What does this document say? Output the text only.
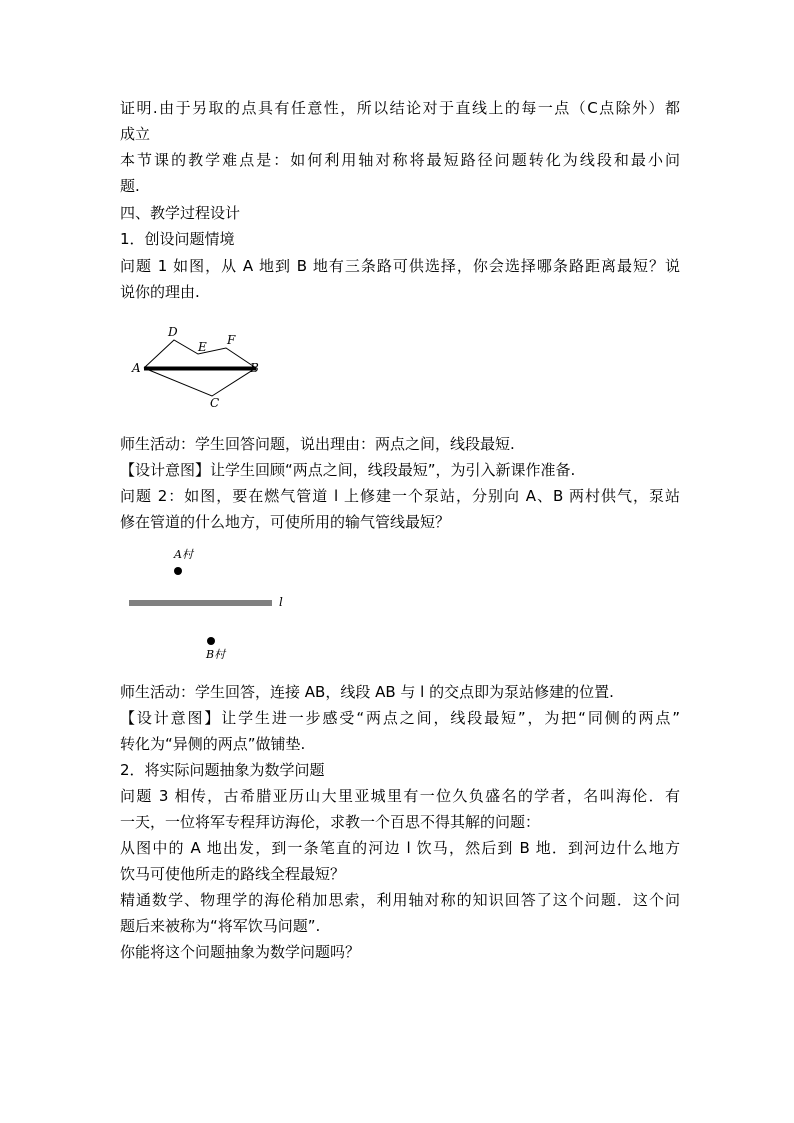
证明.由于另取的点具有任意性，所以结论对于直线上的每一点（C点除外）都
成立
本节课的教学难点是：如何利用轴对称将最短路径问题转化为线段和最小问
题.
四、教学过程设计
1．创设问题情境
问题 1 如图，从 A 地到 B 地有三条路可供选择，你会选择哪条路距离最短？说
说你的理由.
A	B
C
D
E F
师生活动：学生回答问题，说出理由：两点之间，线段最短.
【设计意图】让学生回顾“两点之间，线段最短”，为引入新课作准备.
问题 2：如图，要在燃气管道 l 上修建一个泵站，分别向 A、B 两村供气，泵站
修在管道的什么地方，可使所用的输气管线最短？
A村
B村
l
师生活动：学生回答，连接 AB，线段 AB 与 l 的交点即为泵站修建的位置.
【设计意图】让学生进一步感受“两点之间，线段最短”，为把“同侧的两点”
转化为“异侧的两点”做铺垫.
2．将实际问题抽象为数学问题
问题 3 相传，古希腊亚历山大里亚城里有一位久负盛名的学者，名叫海伦．有
一天，一位将军专程拜访海伦，求教一个百思不得其解的问题：
从图中的 A 地出发，到一条笔直的河边 l 饮马，然后到 B 地．到河边什么地方
饮马可使他所走的路线全程最短？
精通数学、物理学的海伦稍加思索，利用轴对称的知识回答了这个问题．这个问
题后来被称为“将军饮马问题”.
你能将这个问题抽象为数学问题吗？
